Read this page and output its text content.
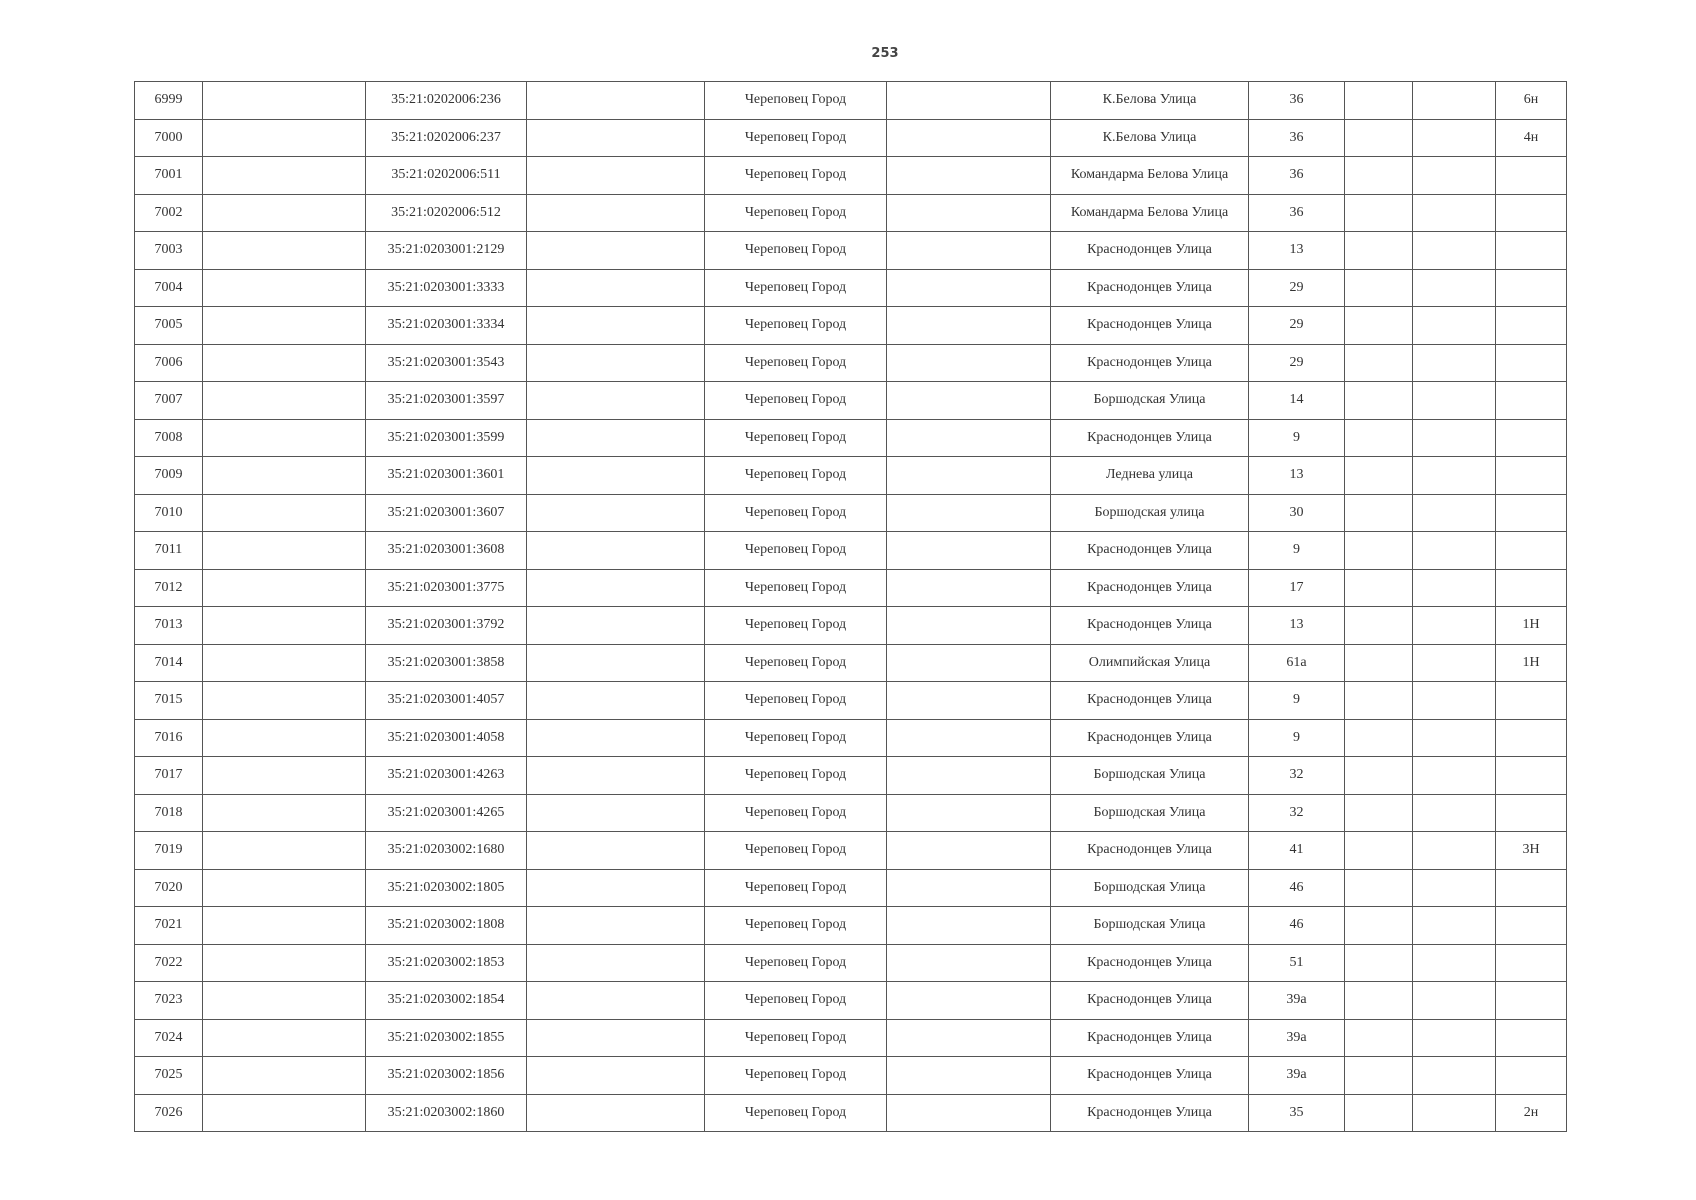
253
6999		35:21:0202006:236		Череповец Город		К.Белова Улица	36			6н
7000		35:21:0202006:237		Череповец Город		К.Белова Улица	36			4н
7001		35:21:0202006:511		Череповец Город		Командарма Белова Улица	36			
7002		35:21:0202006:512		Череповец Город		Командарма Белова Улица	36			
7003		35:21:0203001:2129		Череповец Город		Краснодонцев Улица	13			
7004		35:21:0203001:3333		Череповец Город		Краснодонцев Улица	29			
7005		35:21:0203001:3334		Череповец Город		Краснодонцев Улица	29			
7006		35:21:0203001:3543		Череповец Город		Краснодонцев Улица	29			
7007		35:21:0203001:3597		Череповец Город		Боршодская Улица	14			
7008		35:21:0203001:3599		Череповец Город		Краснодонцев Улица	9			
7009		35:21:0203001:3601		Череповец Город		Леднева улица	13			
7010		35:21:0203001:3607		Череповец Город		Боршодская улица	30			
7011		35:21:0203001:3608		Череповец Город		Краснодонцев Улица	9			
7012		35:21:0203001:3775		Череповец Город		Краснодонцев Улица	17			
7013		35:21:0203001:3792		Череповец Город		Краснодонцев Улица	13			1Н
7014		35:21:0203001:3858		Череповец Город		Олимпийская Улица	61а			1Н
7015		35:21:0203001:4057		Череповец Город		Краснодонцев Улица	9			
7016		35:21:0203001:4058		Череповец Город		Краснодонцев Улица	9			
7017		35:21:0203001:4263		Череповец Город		Боршодская Улица	32			
7018		35:21:0203001:4265		Череповец Город		Боршодская Улица	32			
7019		35:21:0203002:1680		Череповец Город		Краснодонцев Улица	41			3Н
7020		35:21:0203002:1805		Череповец Город		Боршодская Улица	46			
7021		35:21:0203002:1808		Череповец Город		Боршодская Улица	46			
7022		35:21:0203002:1853		Череповец Город		Краснодонцев Улица	51			
7023		35:21:0203002:1854		Череповец Город		Краснодонцев Улица	39а			
7024		35:21:0203002:1855		Череповец Город		Краснодонцев Улица	39а			
7025		35:21:0203002:1856		Череповец Город		Краснодонцев Улица	39а			
7026		35:21:0203002:1860		Череповец Город		Краснодонцев Улица	35			2н
